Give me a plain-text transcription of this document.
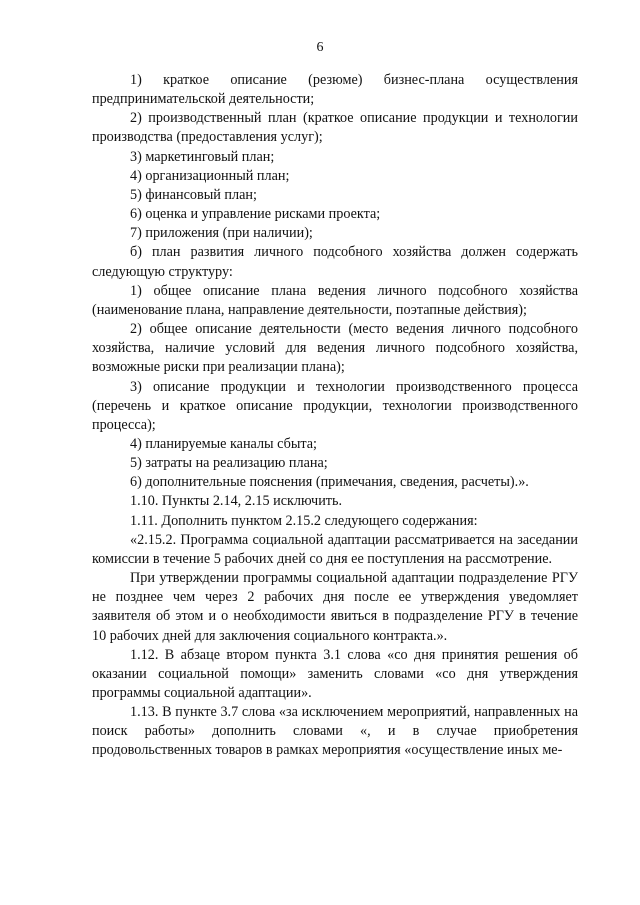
6

1) краткое описание (резюме) бизнес-плана осуществления предпринимательской деятельности;

2) производственный план (краткое описание продукции и технологии производства (предоставления услуг);

3) маркетинговый план;

4) организационный план;

5) финансовый план;

6) оценка и управление рисками проекта;

7) приложения (при наличии);

б) план развития личного подсобного хозяйства должен содержать следующую структуру:

1) общее описание плана ведения личного подсобного хозяйства (наименование плана, направление деятельности, поэтапные действия);

2) общее описание деятельности (место ведения личного подсобного хозяйства, наличие условий для ведения личного подсобного хозяйства, возможные риски при реализации плана);

3) описание продукции и технологии производственного процесса (перечень и краткое описание продукции, технологии производственного процесса);

4) планируемые каналы сбыта;

5) затраты на реализацию плана;

6) дополнительные пояснения (примечания, сведения, расчеты).».

1.10. Пункты 2.14, 2.15 исключить.

1.11. Дополнить пунктом 2.15.2 следующего содержания:

«2.15.2. Программа социальной адаптации рассматривается на заседании комиссии в течение 5 рабочих дней со дня ее поступления на рассмотрение.

При утверждении программы социальной адаптации подразделение РГУ не позднее чем через 2 рабочих дня после ее утверждения уведомляет заявителя об этом и о необходимости явиться в подразделение РГУ в течение 10 рабочих дней для заключения социального контракта.».

1.12. В абзаце втором пункта 3.1 слова «со дня принятия решения об оказании социальной помощи» заменить словами «со дня утверждения программы социальной адаптации».

1.13. В пункте 3.7 слова «за исключением мероприятий, направленных на поиск работы» дополнить словами «, и в случае приобретения продовольственных товаров в рамках мероприятия «осуществление иных ме-
